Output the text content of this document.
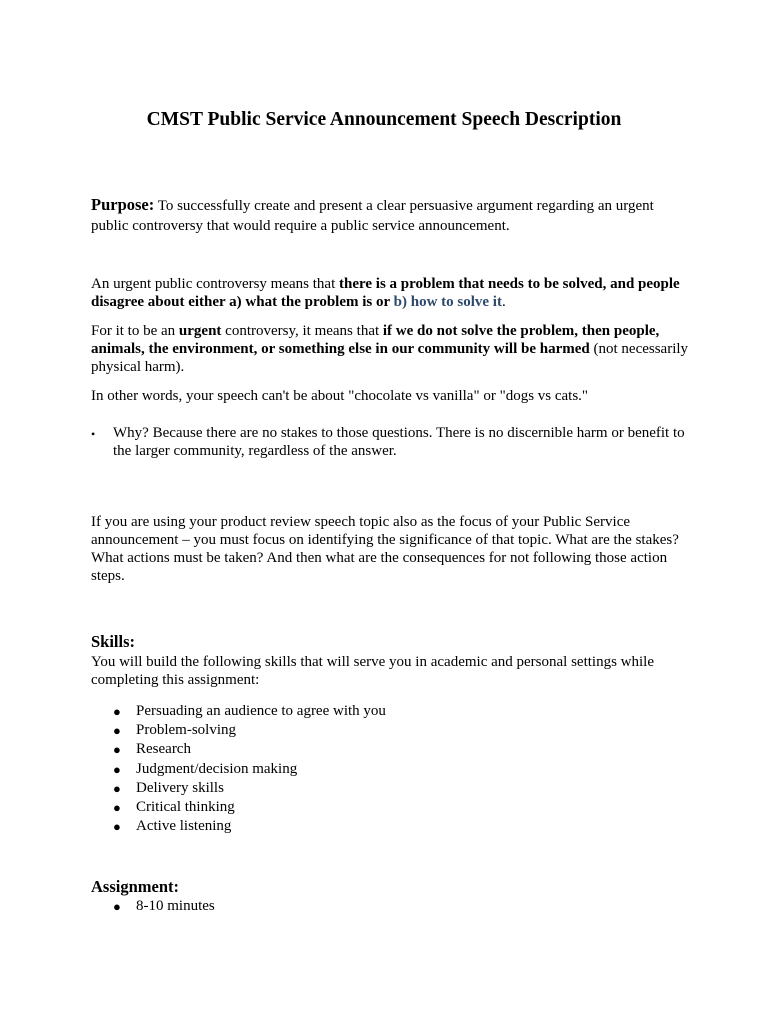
CMST Public Service Announcement Speech Description

Purpose: To successfully create and present a clear persuasive argument regarding an urgent public controversy that would require a public service announcement.

An urgent public controversy means that there is a problem that needs to be solved, and people disagree about either a) what the problem is or b) how to solve it.

For it to be an urgent controversy, it means that if we do not solve the problem, then people, animals, the environment, or something else in our community will be harmed (not necessarily physical harm).

In other words, your speech can't be about "chocolate vs vanilla" or "dogs vs cats."

• Why? Because there are no stakes to those questions. There is no discernible harm or benefit to the larger community, regardless of the answer.

If you are using your product review speech topic also as the focus of your Public Service announcement – you must focus on identifying the significance of that topic. What are the stakes? What actions must be taken? And then what are the consequences for not following those action steps.

Skills:

You will build the following skills that will serve you in academic and personal settings while completing this assignment:

● Persuading an audience to agree with you
● Problem-solving
● Research
● Judgment/decision making
● Delivery skills
● Critical thinking
● Active listening
Assignment:
● 8-10 minutes
